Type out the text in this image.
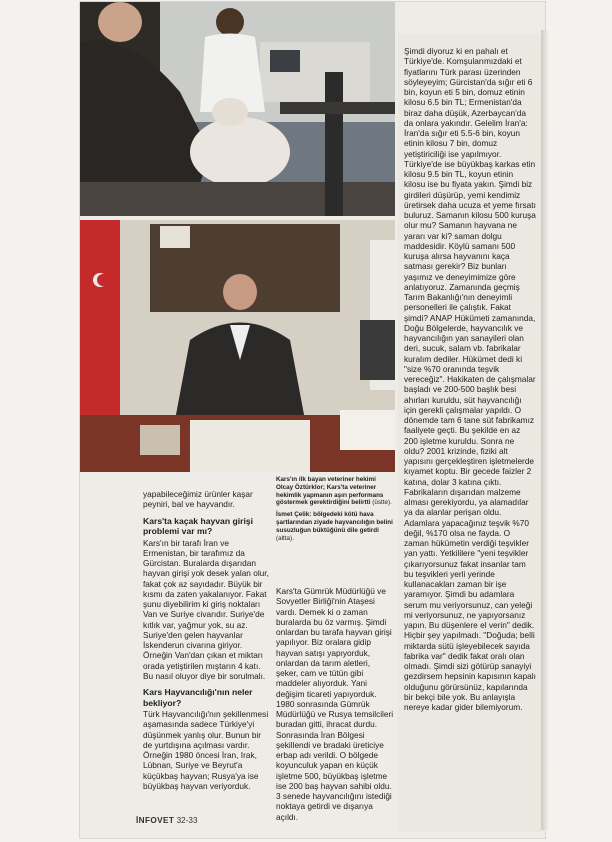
yapabileceğimiz ürünler kaşar peyniri, bal ve hayvandır.

Kars'ta kaçak hayvan girişi problemi var mı?

Kars'ın bir tarafı İran ve Ermenistan, bir tarafımız da Gürcistan. Buralarda dışarıdan hayvan girişi yok desek yalan olur, fakat çok az sayıdadır. Büyük bir kısmı da zaten yakalanıyor. Fakat şunu diyebilirim ki giriş noktaları Van ve Suriye civarıdır. Suriye'de kıtlık var, yağmur yok, su az. Suriye'den gelen hayvanlar İskenderun civarına giriyor. Örneğin Van'dan çıkan et miktarı orada yetiştirilen mıştarın 4 katı. Bu nasıl oluyor diye bir sorulmalı.

Kars Hayvancılığı'nın neler bekliyor?

Türk Hayvancılığı'nın şekillenmesi aşamasında sadece Türkiye'yi düşünmek yanlış olur. Bunun bir de yurtdışına açılması vardır. Örneğin 1980 öncesi İran, Irak, Lübnan, Suriye ve Beyrut'a küçükbaş hayvan; Rusya'ya ise büyükbaş hayvan veriyorduk.

Kars'ın ilk bayan veteriner hekimi Olcay Öztürklor; Kars'ta veteriner hekimlik yapmanın aşırı performans göstermek gerektirdiğini belirtti (üstte).

İsmet Çelik: bölgedeki kötü hava şartlarından ziyade hayvancılığın belini susuzluğun büktüğünü dile getirdi (altta).

Kars'ta Gümrük Müdürlüğü ve Sovyetler Birliği'nin Ataşesi vardı. Demek ki o zaman buralarda bu öz varmış. Şimdi onlardan bu tarafa hayvan girişi yapılıyor. Biz oralara gidip hayvan satışı yapıyorduk, onlardan da tarım aletleri, şeker, cam ve tütün gibi maddeler alıyorduk. Yani değişim ticareti yapıyorduk. 1980 sonrasında Gümrük Müdürlüğü ve Rusya temsilcileri buradan gitti, ihracat durdu. Sonrasında İran Bölgesi şekillendi ve bradaki üreticiye erbap adı verildi. O bölgede koyunculuk yapan en küçük işletme 500, büyükbaş işletme ise 200 baş hayvan sahibi oldu. 3 senede hayvancılığını istediği noktaya getirdi ve dışarıya açıldı.

Şimdi diyoruz ki en pahalı et Türkiye'de. Komşularımızdaki et fiyatlarını Türk parası üzerinden söyleyeyim; Gürcistan'da sığır eti 6 bin, koyun eti 5 bin, domuz etinin kilosu 6.5 bin TL; Ermenistan'da biraz daha düşük, Azerbaycan'da da onlara yakındır. Gelelim İran'a: İran'da sığır eti 5.5-6 bin, koyun etinin kilosu 7 bin, domuz yetiştiriciliği ise yapılmıyor. Türkiye'de ise büyükbaş karkas etin kilosu 9.5 bin TL, koyun etinin kilosu ise bu fiyata yakın. Şimdi biz girdileri düşürüp, yemi kendimiz üretirsek daha ucuza et yeme fırsatı buluruz. Samanın kilosu 500 kuruşa olur mu? Samanın hayvana ne yararı var ki? saman dolgu maddesidir. Köylü samanı 500 kuruşa alırsa hayvanını kaça satması gerekir? Biz bunları yaşımız ve deneyimimize göre anlatıyoruz. Zamanında geçmiş Tarım Bakanlığı'nın deneyimli personelleri ile çalıştık. Fakat şimdi? ANAP Hükümeti zamanında, Doğu Bölgelerde, hayvancılık ve hayvancılığın yan sanayileri olan deri, sucuk, salam vb. fabrikalar kuralım dediler. Hükümet dedi ki "size %70 oranında teşvik vereceğiz". Hakikaten de çalışmalar başladı ve 200-500 başlık besi ahırları kuruldu, süt hayvancılığı için gerekli çalışmalar yapıldı. O dönemde tam 6 tane süt fabrikamız faaliyete geçti. Bu şekilde en az 200 işletme kuruldu. Sonra ne oldu? 2001 krizinde, fiziki alt yapısını gerçekleştiren işletmelerde kıyamet koptu. Bir gecede faizler 2 katına, dolar 3 katına çıktı. Fabrikaların dışarıdan malzeme alması gerekiyordu, ya alamadılar ya da alanlar perişan oldu. Adamlara yapacağınız teşvik %70 değil, %170 olsa ne fayda. O zaman hükümetin verdiği teşvikler yan yattı. Yetkililere "yeni teşvikler çıkarıyorsunuz fakat insanlar tam bu teşvikleri yerli yerinde kullanacakları zaman bir işe yaramıyor. Şimdi bu adamlara serum mu veriyorsunuz, can yeleği mi veriyorsunuz, ne yapıyorsanız yapın. Bu düşenlere el verin" dedik. Hiçbir şey yapılmadı. "Doğuda; belli miktarda sütü işleyebilecek sayıda fabrika var" dedik fakat oralı olan olmadı. Şimdi sizi götürüp sanayiyi gezdirsem hepsinin kapısının kapalı olduğunu görürsünüz, kapılarında bir bekçi bile yok. Bu anlayışla nereye kadar gider bilemiyorum.

İNFOVET 32-33
